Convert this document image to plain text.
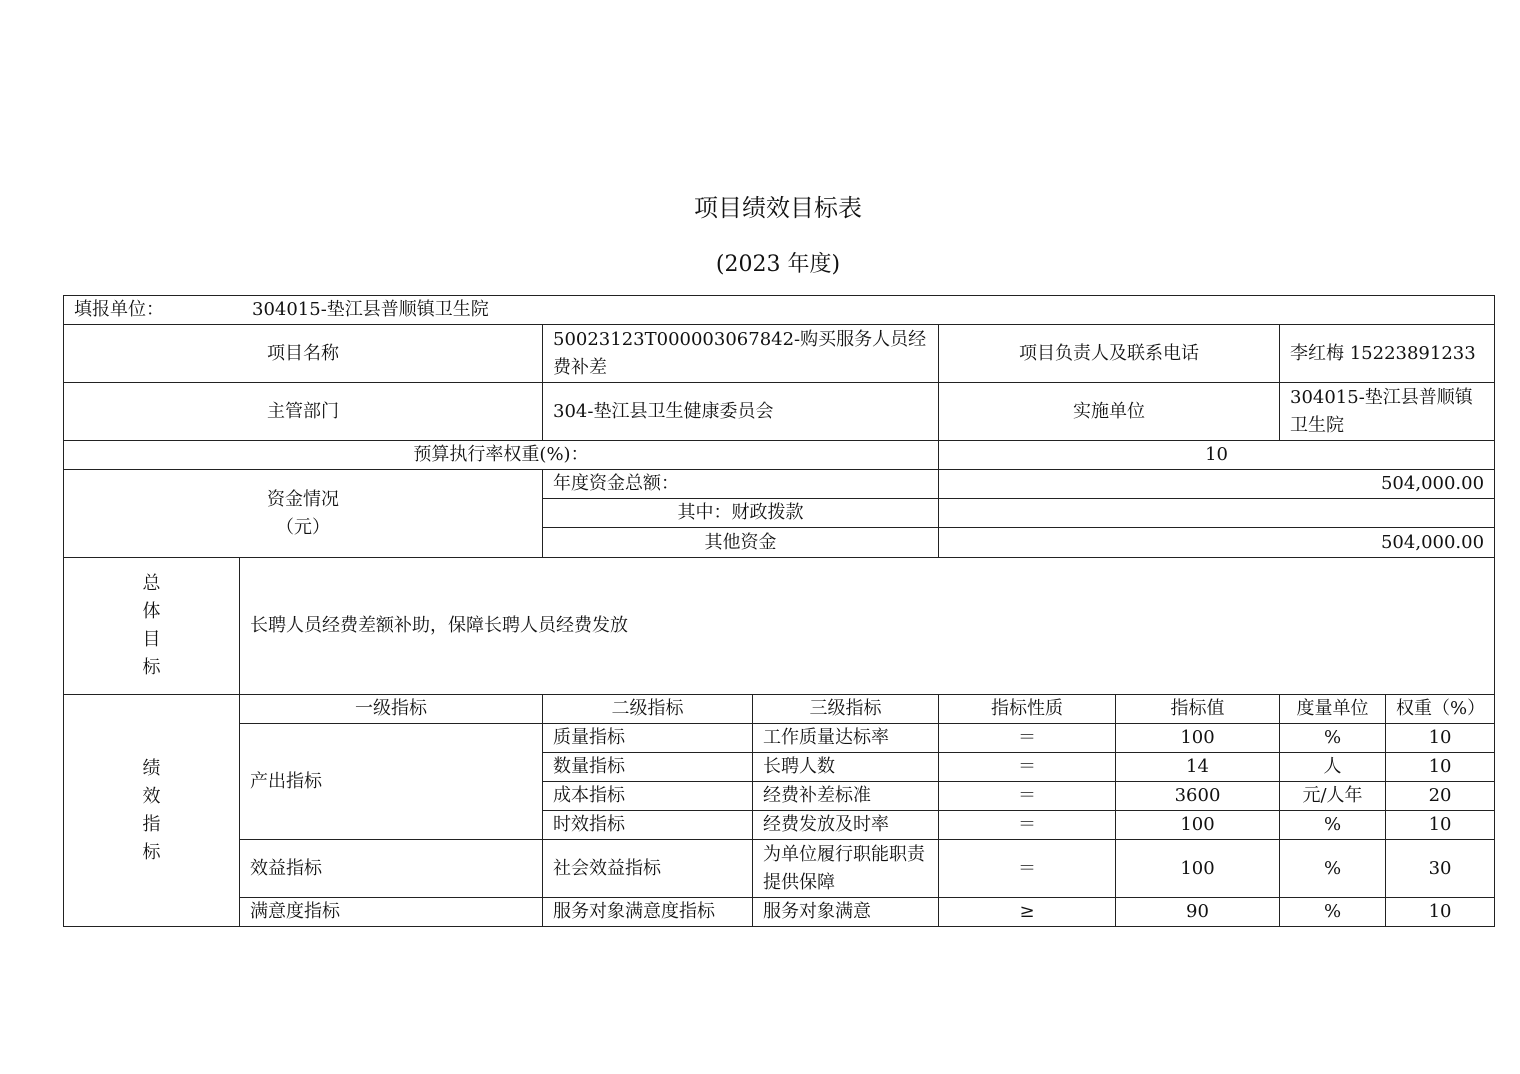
项目绩效目标表
(2023 年度)
填报单位： 304015-垫江县普顺镇卫生院							
项目名称		50023123T000003067842-购买服务人员经费补差		项目负责人及联系电话		李红梅 15223891233	
主管部门		304-垫江县卫生健康委员会		实施单位		304015-垫江县普顺镇卫生院	
预算执行率权重(%)：				10			

资金情况
（元）		年度资金总额：		504,000.00			
		其中：财政拨款					
		其他资金		504,000.00			

总
体
目
标	长聘人员经费差额补助，保障长聘人员经费发放						

绩
效
指
标	一级指标	二级指标	三级指标	指标性质	指标值	度量单位	权重（%）
	产出指标	质量指标	工作质量达标率	＝	100	%	10
		数量指标	长聘人数	＝	14	人	10
		成本指标	经费补差标准	＝	3600	元/人年	20
		时效指标	经费发放及时率	＝	100	%	10
	效益指标	社会效益指标	为单位履行职能职责提供保障	＝	100	%	30
	满意度指标	服务对象满意度指标	服务对象满意	≥	90	%	10
